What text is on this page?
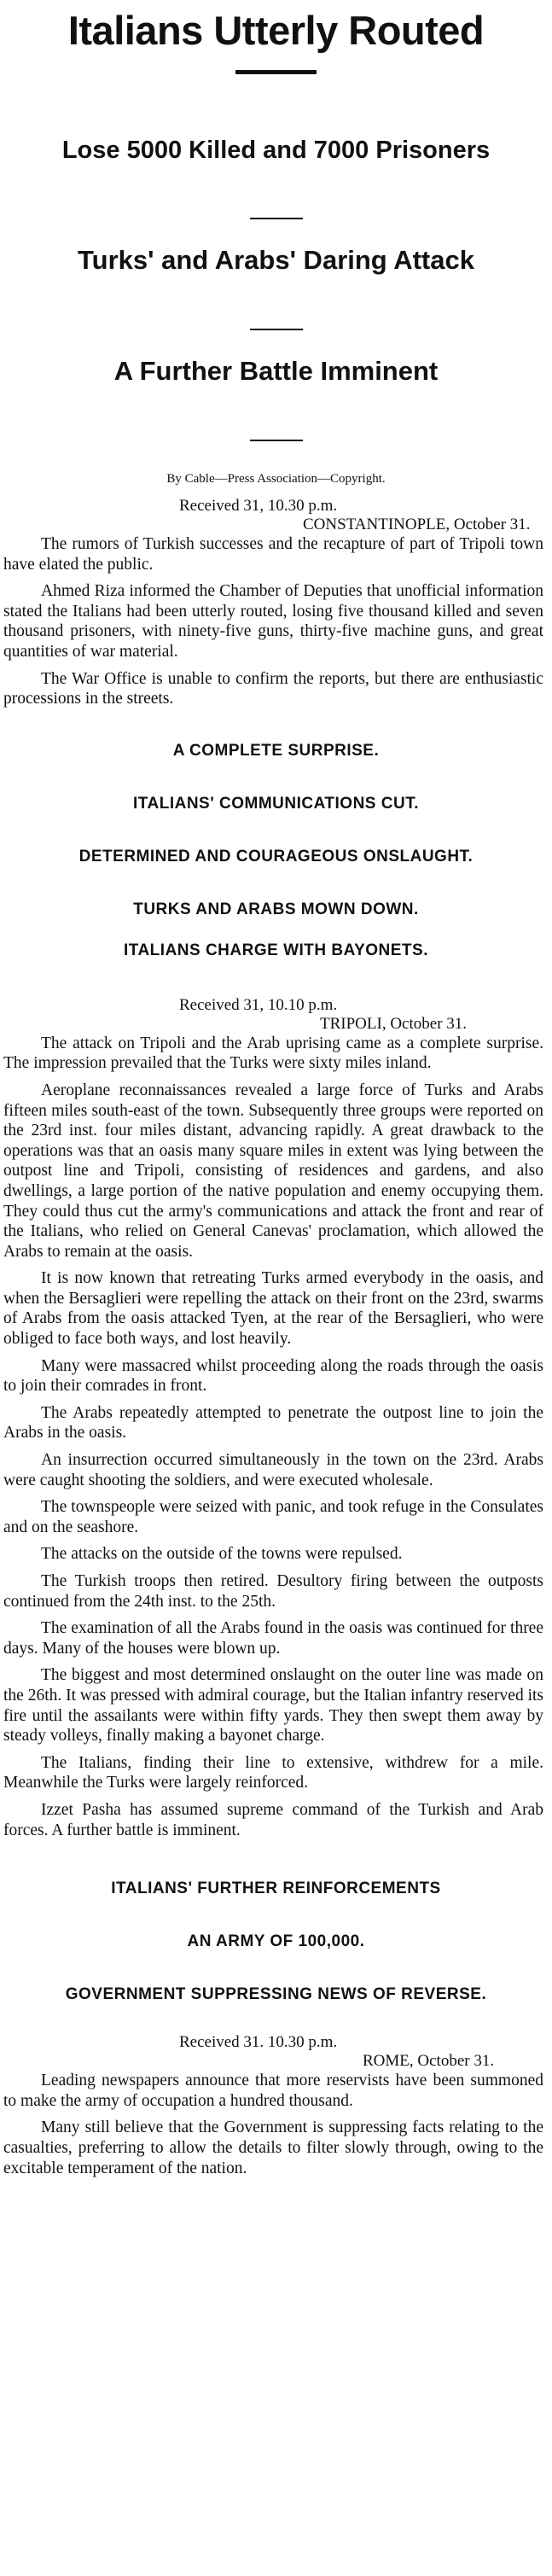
Italians Utterly Routed
Lose 5000 Killed and 7000 Prisoners
Turks' and Arabs' Daring Attack
A Further Battle Imminent

By Cable—Press Association—Copyright.

Received 31, 10.30 p.m.

CONSTANTINOPLE, October 31.

The rumors of Turkish successes and the recapture of part of Tripoli town have elated the public.

Ahmed Riza informed the Chamber of Deputies that unofficial information stated the Italians had been utterly routed, losing five thousand killed and seven thousand prisoners, with ninety-five guns, thirty-five machine guns, and great quantities of war material.

The War Office is unable to confirm the reports, but there are enthusiastic processions in the streets.

A COMPLETE SURPRISE.

ITALIANS' COMMUNICATIONS CUT.

DETERMINED AND COURAGEOUS ONSLAUGHT.

TURKS AND ARABS MOWN DOWN.

ITALIANS CHARGE WITH BAYONETS.

Received 31, 10.10 p.m.

TRIPOLI, October 31.

The attack on Tripoli and the Arab uprising came as a complete surprise. The impression prevailed that the Turks were sixty miles inland.

Aeroplane reconnaissances revealed a large force of Turks and Arabs fifteen miles south-east of the town. Subsequently three groups were reported on the 23rd inst. four miles distant, advancing rapidly. A great drawback to the operations was that an oasis many square miles in extent was lying between the outpost line and Tripoli, consisting of residences and gardens, and also dwellings, a large portion of the native population and enemy occupying them. They could thus cut the army's communications and attack the front and rear of the Italians, who relied on General Canevas' proclamation, which allowed the Arabs to remain at the oasis.

It is now known that retreating Turks armed everybody in the oasis, and when the Bersaglieri were repelling the attack on their front on the 23rd, swarms of Arabs from the oasis attacked Tyen, at the rear of the Bersaglieri, who were obliged to face both ways, and lost heavily.

Many were massacred whilst proceeding along the roads through the oasis to join their comrades in front.

The Arabs repeatedly attempted to penetrate the outpost line to join the Arabs in the oasis.

An insurrection occurred simultaneously in the town on the 23rd. Arabs were caught shooting the soldiers, and were executed wholesale.

The townspeople were seized with panic, and took refuge in the Consulates and on the seashore.

The attacks on the outside of the towns were repulsed.

The Turkish troops then retired. Desultory firing between the outposts continued from the 24th inst. to the 25th.

The examination of all the Arabs found in the oasis was continued for three days. Many of the houses were blown up.

The biggest and most determined onslaught on the outer line was made on the 26th. It was pressed with admiral courage, but the Italian infantry reserved its fire until the assailants were within fifty yards. They then swept them away by steady volleys, finally making a bayonet charge.

The Italians, finding their line to extensive, withdrew for a mile. Meanwhile the Turks were largely reinforced.

Izzet Pasha has assumed supreme command of the Turkish and Arab forces. A further battle is imminent.

ITALIANS' FURTHER REINFORCEMENTS

AN ARMY OF 100,000.

GOVERNMENT SUPPRESSING NEWS OF REVERSE.

Received 31. 10.30 p.m.

ROME, October 31.

Leading newspapers announce that more reservists have been summoned to make the army of occupation a hundred thousand.

Many still believe that the Government is suppressing facts relating to the casualties, preferring to allow the details to filter slowly through, owing to the excitable temperament of the nation.
